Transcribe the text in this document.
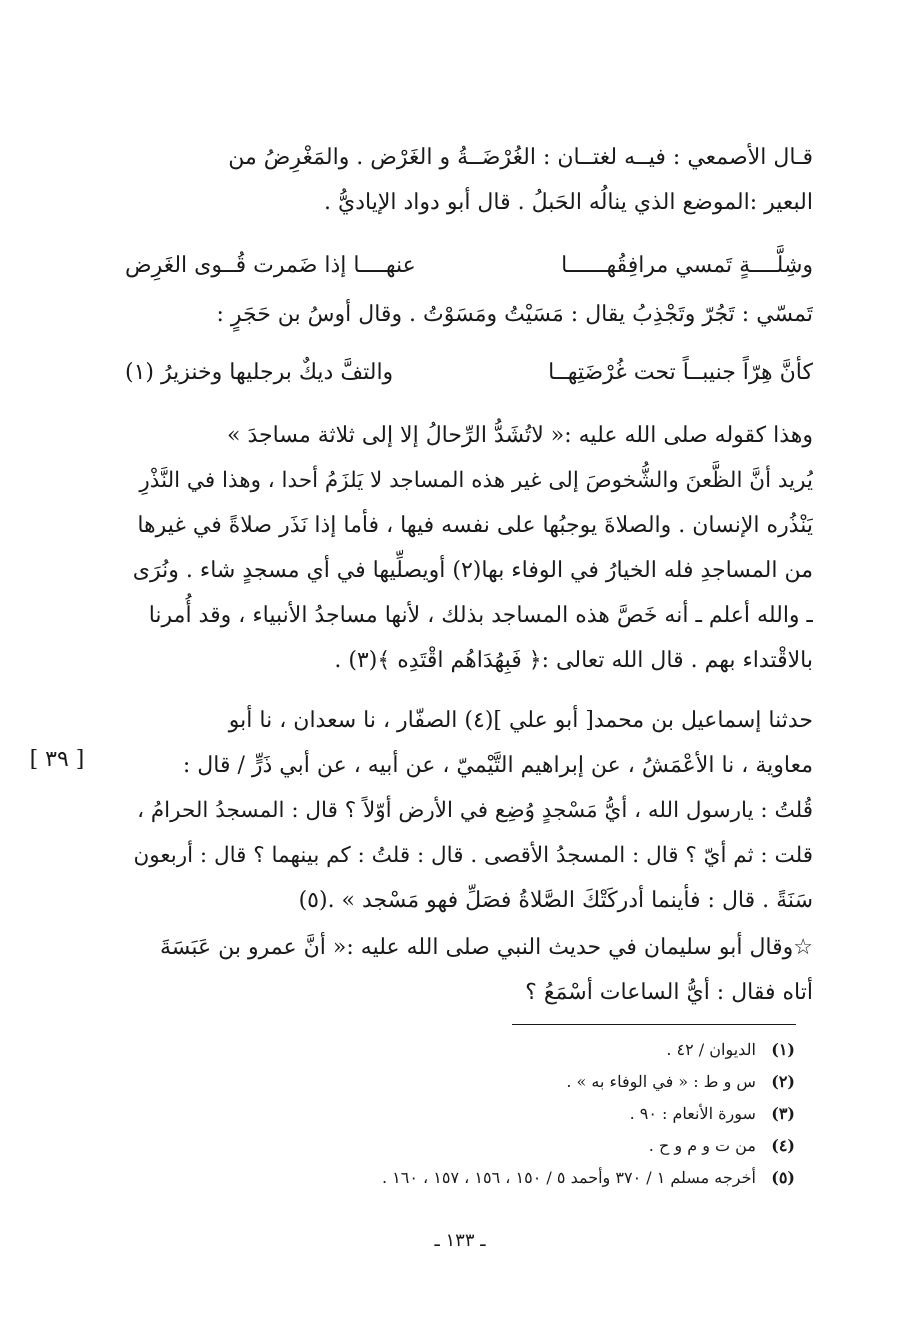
قـال الأصمعي : فيــه لغتــان : الغُرْضَــةُ و الغَرْض . والمَغْرِضُ من
البعير :الموضع الذي ينالُه الحَبلُ . قال أبو دواد الإياديُّ .
وشِلَّــــةٍ تَمسي مرافِقُهــــــا
عنهــــا إذا ضَمرت قُــوى الغَرِض
تَمسّي : تَجُرّ وتَجْذِبُ يقال : مَسَيْتُ ومَسَوْتُ . وقال أوسُ بن حَجَرٍ :
كأنَّ هِرّاً جنيبــاً تحت غُرْضَتِهــا
والتفَّ ديكٌ برجليها وخنزيرُ (١)
وهذا كقوله صلى الله عليه :« لاتُشَدُّ الرِّحالُ إلا إلى ثلاثة مساجدَ »
يُريد أنَّ الظَّعنَ والشُّخوصَ إلى غير هذه المساجد لا يَلزَمُ أحدا ، وهذا في النَّذْرِ
يَنْذُره الإنسان . والصلاةَ يوجبُها على نفسه فيها ، فأما إذا نَذَر صلاةً في غيرها
من المساجدِ فله الخيارُ في الوفاء بها(٢) أويصلِّيها في أي مسجدٍ شاء . ونُرَى
ـ والله أعلم ـ أنه خَصَّ هذه المساجد بذلك ، لأنها مساجدُ الأنبياء ، وقد أُمرنا
بالاقْتداء بهم . قال الله تعالى :﴿ فَبِهُدَاهُم اقْتَدِه ﴾(٣) .
حدثنا إسماعيل بن محمد[ أبو علي ](٤) الصفّار ، نا سعدان ، نا أبو
معاوية ، نا الأعْمَشُ ، عن إبراهيم التَّيْميّ ، عن أبيه ، عن أبي ذَرٍّ / قال :
قُلتُ : يارسول الله ، أيُّ مَسْجدٍ وُضِع في الأرض أوّلاً ؟ قال : المسجدُ الحرامُ ،
قلت : ثم أيّ ؟ قال : المسجدُ الأقصى . قال : قلتُ : كم بينهما ؟ قال : أربعون
سَنَةً . قال : فأينما أدركَتْكَ الصَّلاةُ فصَلِّ فهو مَسْجد » .(٥)
[ ٣٩ ]
☆وقال أبو سليمان في حديث النبي صلى الله عليه :« أنَّ عمرو بن عَبَسَةَ
أتاه فقال : أيُّ الساعات أسْمَعُ ؟
(١) الديوان / ٤٢ .
(٢) س و ط : « في الوفاء به » .
(٣) سورة الأنعام : ٩٠ .
(٤) من ت و م و ح .
(٥) أخرجه مسلم ١ / ٣٧٠ وأحمد ٥ / ١٥٠ ، ١٥٦ ، ١٥٧ ، ١٦٠ .
ـ ١٣٣ ـ
